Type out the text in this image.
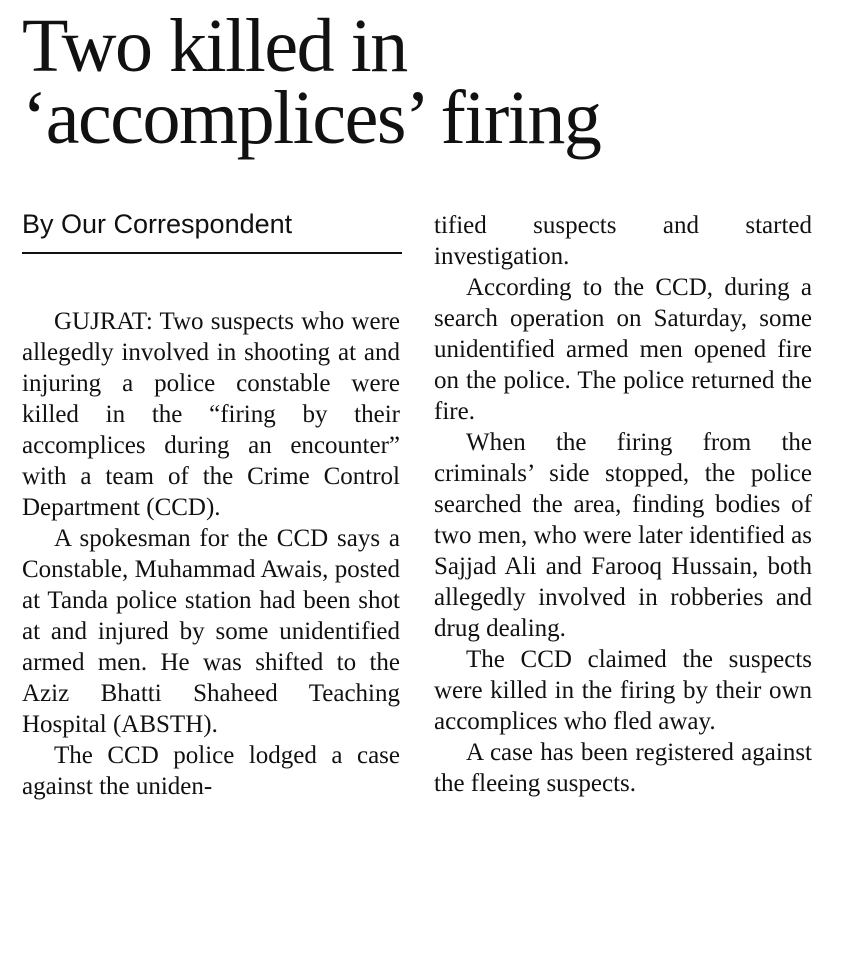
Two killed in
‘accomplices’ firing
By Our Correspondent

GUJRAT: Two suspects who were allegedly involved in shooting at and injuring a police constable were killed in the “firing by their accomplices during an encounter” with a team of the Crime Control Department (CCD).

A spokesman for the CCD says a Constable, Muhammad Awais, posted at Tanda police station had been shot at and injured by some unidentified armed men. He was shifted to the Aziz Bhatti Shaheed Teaching Hospital (ABSTH).

The CCD police lodged a case against the uniden-

tified suspects and started investigation.

According to the CCD, during a search operation on Saturday, some unidentified armed men opened fire on the police. The police returned the fire.

When the firing from the criminals’ side stopped, the police searched the area, finding bodies of two men, who were later identified as Sajjad Ali and Farooq Hussain, both allegedly involved in robberies and drug dealing.

The CCD claimed the suspects were killed in the firing by their own accomplices who fled away.

A case has been registered against the fleeing suspects.
